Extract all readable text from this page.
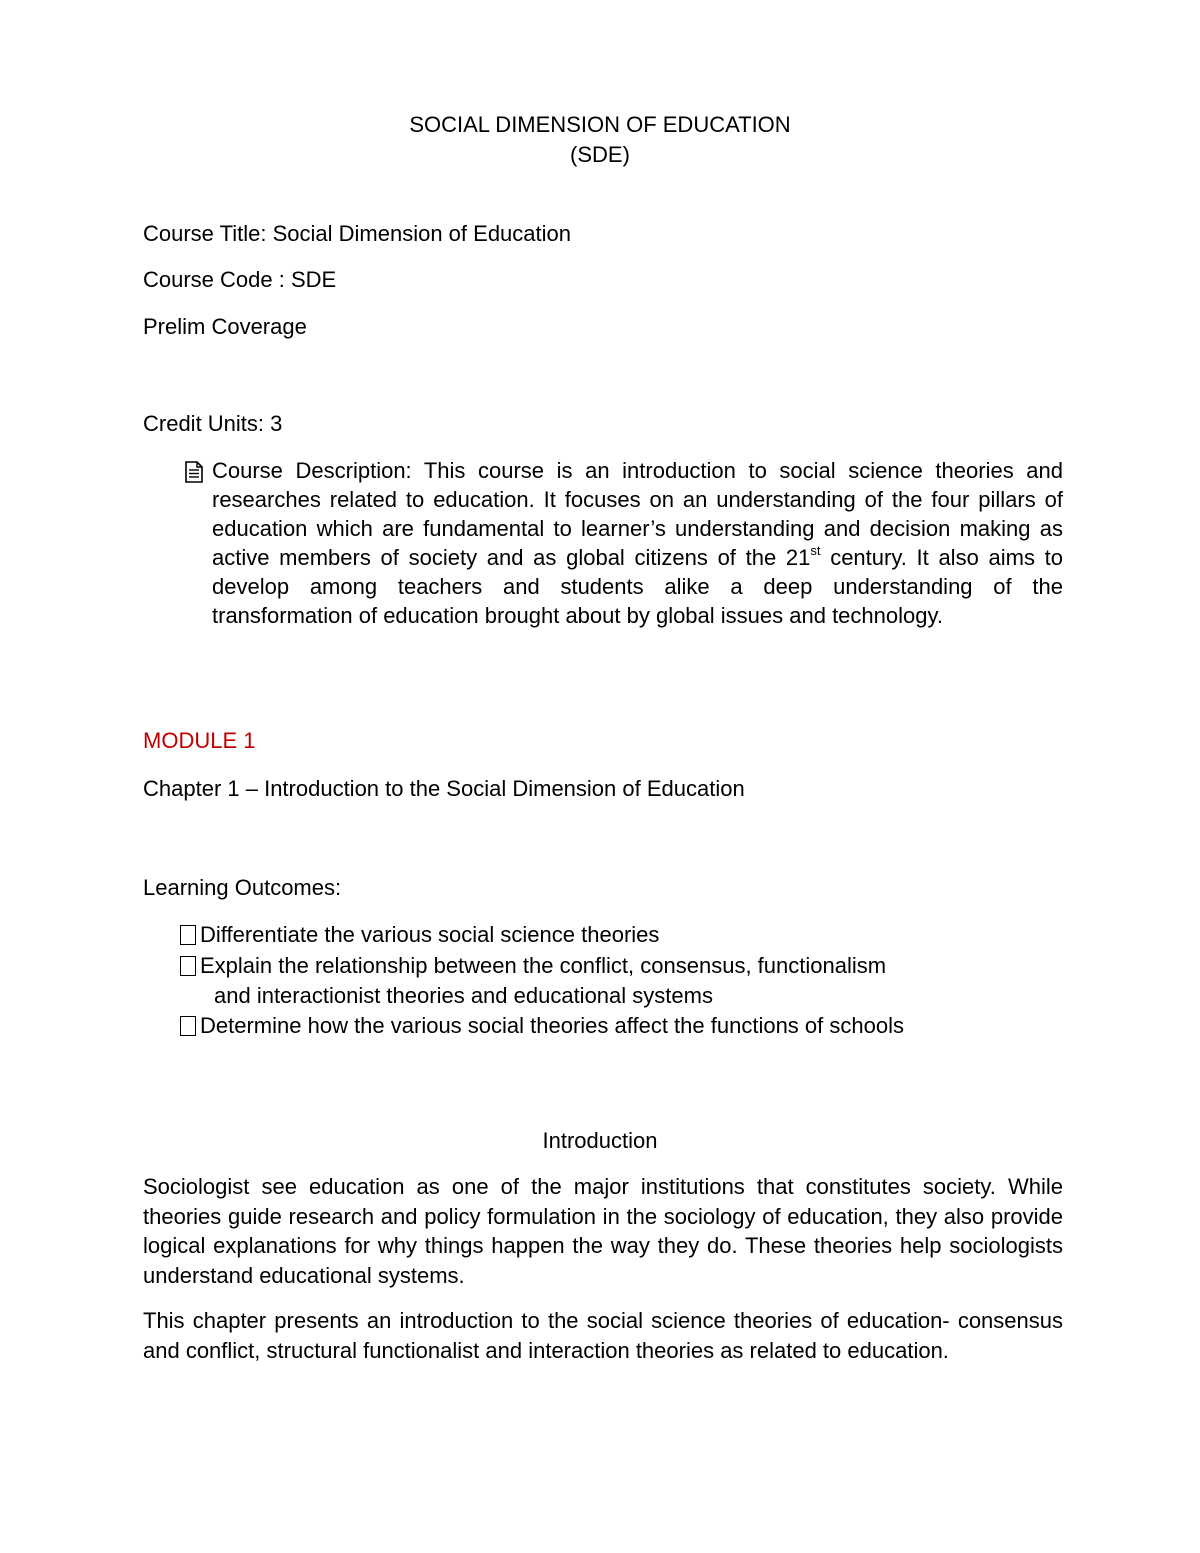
SOCIAL DIMENSION OF EDUCATION
(SDE)
Course Title: Social Dimension of Education
Course Code : SDE
Prelim Coverage
Credit Units: 3
Course Description: This course is an introduction to social science theories and researches related to education. It focuses on an understanding of the four pillars of education which are fundamental to learner’s understanding and decision making as active members of society and as global citizens of the 21st century. It also aims to develop among teachers and students alike a deep understanding of the transformation of education brought about by global issues and technology.
MODULE 1
Chapter 1 – Introduction to the Social Dimension of Education
Learning Outcomes:
Differentiate the various social science theories
Explain the relationship between the conflict, consensus, functionalism
and interactionist theories and educational systems
Determine how the various social theories affect the functions of schools
Introduction
Sociologist see education as one of the major institutions that constitutes society. While theories guide research and policy formulation in the sociology of education, they also provide logical explanations for why things happen the way they do. These theories help sociologists understand educational systems.
This chapter presents an introduction to the social science theories of education- consensus and conflict, structural functionalist and interaction theories as related to education.
